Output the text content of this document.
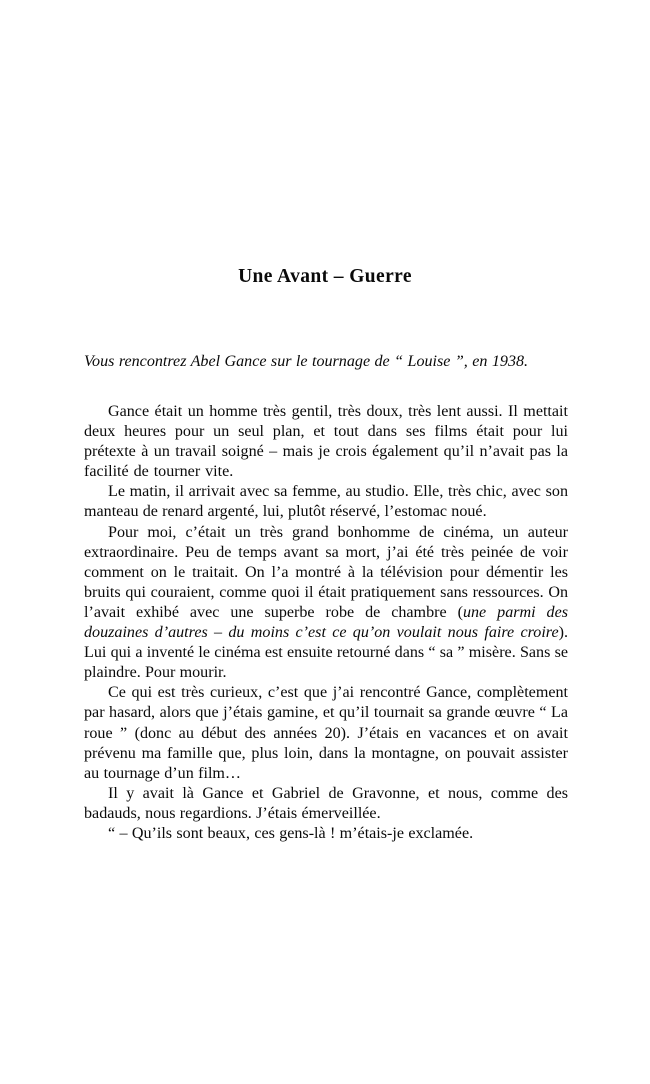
Une Avant – Guerre
Vous rencontrez Abel Gance sur le tournage de “ Louise ”, en 1938.

Gance était un homme très gentil, très doux, très lent aussi. Il mettait deux heures pour un seul plan, et tout dans ses films était pour lui prétexte à un travail soigné – mais je crois également qu’il n’avait pas la facilité de tourner vite.

Le matin, il arrivait avec sa femme, au studio. Elle, très chic, avec son manteau de renard argenté, lui, plutôt réservé, l’estomac noué.

Pour moi, c’était un très grand bonhomme de cinéma, un auteur extraordinaire. Peu de temps avant sa mort, j’ai été très peinée de voir comment on le traitait. On l’a montré à la télévision pour démentir les bruits qui couraient, comme quoi il était pratiquement sans ressources. On l’avait exhibé avec une superbe robe de chambre (une parmi des douzaines d’autres – du moins c’est ce qu’on voulait nous faire croire). Lui qui a inventé le cinéma est ensuite retourné dans “ sa ” misère. Sans se plaindre. Pour mourir.

Ce qui est très curieux, c’est que j’ai rencontré Gance, complètement par hasard, alors que j’étais gamine, et qu’il tournait sa grande œuvre “ La roue ” (donc au début des années 20). J’étais en vacances et on avait prévenu ma famille que, plus loin, dans la montagne, on pouvait assister au tournage d’un film…

Il y avait là Gance et Gabriel de Gravonne, et nous, comme des badauds, nous regardions. J’étais émerveillée.

“ – Qu’ils sont beaux, ces gens-là ! m’étais-je exclamée.
